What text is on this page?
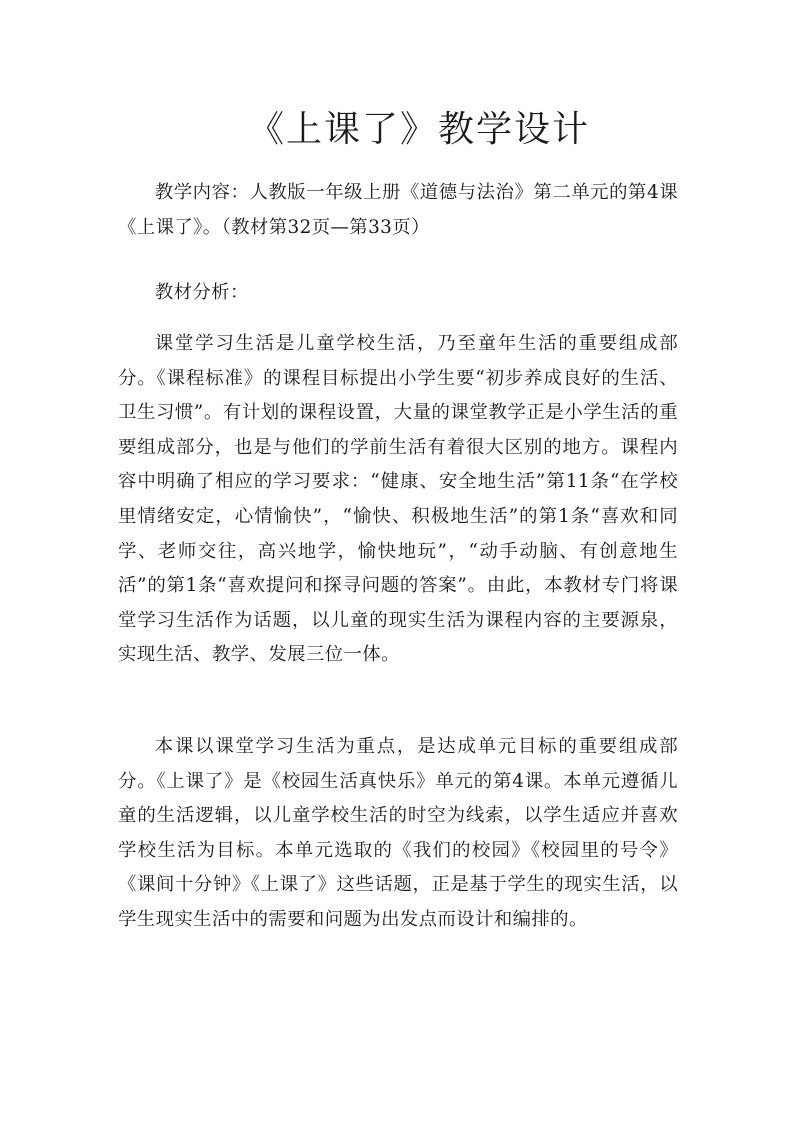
《上课了》教学设计

教学内容：人教版一年级上册《道德与法治》第二单元的第4课《上课了》。（教材第32页—第33页）

教材分析：

课堂学习生活是儿童学校生活，乃至童年生活的重要组成部分。《课程标准》的课程目标提出小学生要“初步养成良好的生活、卫生习惯”。有计划的课程设置，大量的课堂教学正是小学生活的重要组成部分，也是与他们的学前生活有着很大区别的地方。课程内容中明确了相应的学习要求：“健康、安全地生活”第11条“在学校里情绪安定，心情愉快”，“愉快、积极地生活”的第1条“喜欢和同学、老师交往，高兴地学，愉快地玩”，“动手动脑、有创意地生活”的第1条“喜欢提问和探寻问题的答案”。由此，本教材专门将课堂学习生活作为话题，以儿童的现实生活为课程内容的主要源泉，实现生活、教学、发展三位一体。

本课以课堂学习生活为重点，是达成单元目标的重要组成部分。《上课了》是《校园生活真快乐》单元的第4课。本单元遵循儿童的生活逻辑，以儿童学校生活的时空为线索，以学生适应并喜欢学校生活为目标。本单元选取的《我们的校园》《校园里的号令》《课间十分钟》《上课了》这些话题，正是基于学生的现实生活，以学生现实生活中的需要和问题为出发点而设计和编排的。
